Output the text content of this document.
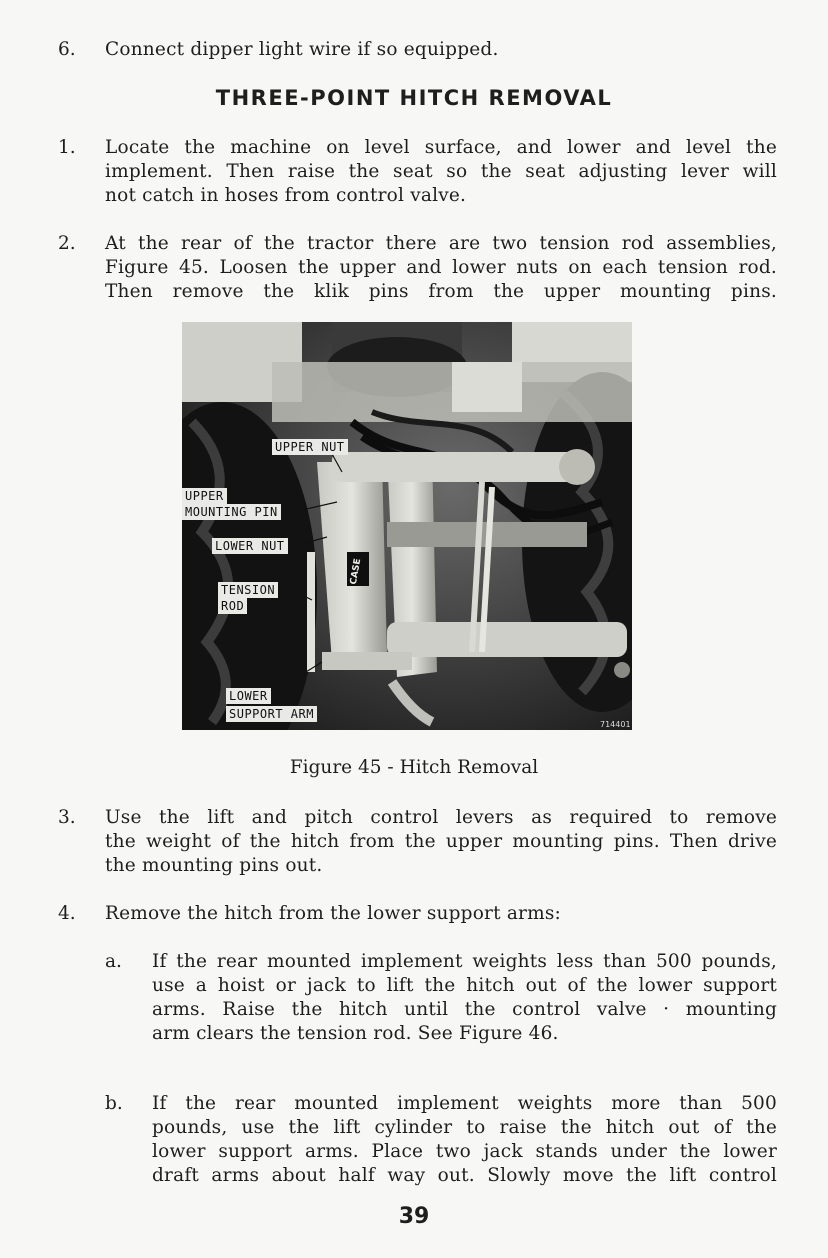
6. Connect dipper light wire if so equipped.
THREE-POINT HITCH REMOVAL
1. Locate the machine on level surface, and lower and level the
implement. Then raise the seat so the seat adjusting lever will
not catch in hoses from control valve.
2. At the rear of the tractor there are two tension rod assemblies,
Figure 45. Loosen the upper and lower nuts on each tension rod.
Then remove the klik pins from the upper mounting pins.
CASE
UPPER NUT
UPPER
MOUNTING PIN
LOWER NUT
TENSION
ROD
LOWER
SUPPORT ARM
714401
Figure 45 - Hitch Removal
3. Use the lift and pitch control levers as required to remove
the weight of the hitch from the upper mounting pins. Then drive
the mounting pins out.
4. Remove the hitch from the lower support arms:
a. If the rear mounted implement weights less than 500 pounds,
use a hoist or jack to lift the hitch out of the lower support
arms. Raise the hitch until the control valve · mounting
arm clears the tension rod. See Figure 46.
b. If the rear mounted implement weights more than 500
pounds, use the lift cylinder to raise the hitch out of the
lower support arms. Place two jack stands under the lower
draft arms about half way out. Slowly move the lift control
39
